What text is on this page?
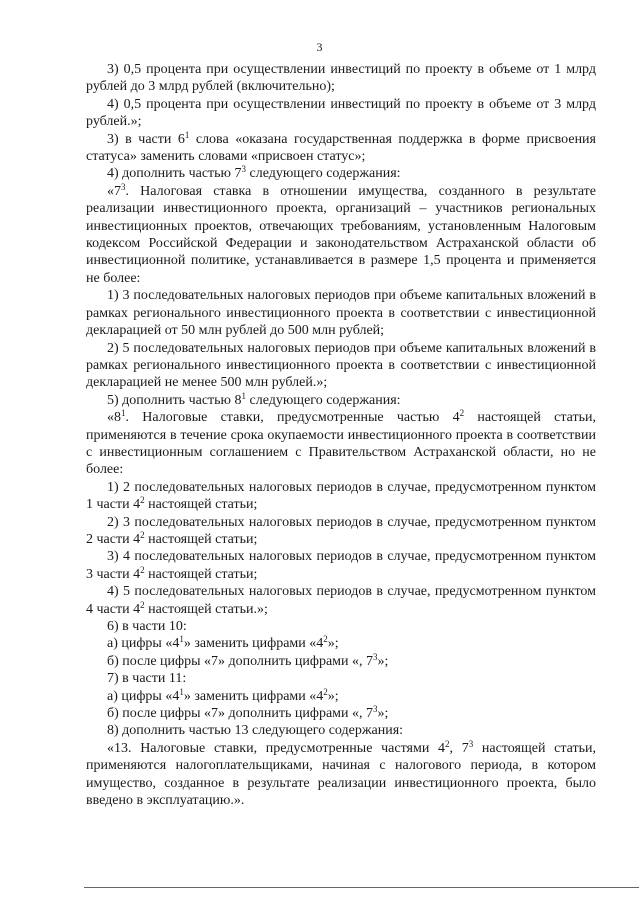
3

3) 0,5 процента при осуществлении инвестиций по проекту в объеме от 1 млрд рублей до 3 млрд рублей (включительно);

4) 0,5 процента при осуществлении инвестиций по проекту в объеме от 3 млрд рублей.»;

3) в части $6^1$ слова «оказана государственная поддержка в форме присвоения статуса» заменить словами «присвоен статус»;

4) дополнить частью $7^3$ следующего содержания:

«$7^3$. Налоговая ставка в отношении имущества, созданного в результате реализации инвестиционного проекта, организаций – участников региональных инвестиционных проектов, отвечающих требованиям, установленным Налоговым кодексом Российской Федерации и законодательством Астраханской области об инвестиционной политике, устанавливается в размере 1,5 процента и применяется не более:

1) 3 последовательных налоговых периодов при объеме капитальных вложений в рамках регионального инвестиционного проекта в соответствии с инвестиционной декларацией от 50 млн рублей до 500 млн рублей;

2) 5 последовательных налоговых периодов при объеме капитальных вложений в рамках регионального инвестиционного проекта в соответствии с инвестиционной декларацией не менее 500 млн рублей.»;

5) дополнить частью $8^1$ следующего содержания:

«$8^1$. Налоговые ставки, предусмотренные частью $4^2$ настоящей статьи, применяются в течение срока окупаемости инвестиционного проекта в соответствии с инвестиционным соглашением с Правительством Астраханской области, но не более:

1) 2 последовательных налоговых периодов в случае, предусмотренном пунктом 1 части $4^2$ настоящей статьи;

2) 3 последовательных налоговых периодов в случае, предусмотренном пунктом 2 части $4^2$ настоящей статьи;

3) 4 последовательных налоговых периодов в случае, предусмотренном пунктом 3 части $4^2$ настоящей статьи;

4) 5 последовательных налоговых периодов в случае, предусмотренном пунктом 4 части $4^2$ настоящей статьи.»;

6) в части 10:

а) цифры «$4^1$» заменить цифрами «$4^2$»;

б) после цифры «7» дополнить цифрами «, $7^3$»;

7) в части 11:

а) цифры «$4^1$» заменить цифрами «$4^2$»;

б) после цифры «7» дополнить цифрами «, $7^3$»;

8) дополнить частью 13 следующего содержания:

«13. Налоговые ставки, предусмотренные частями $4^2$, $7^3$ настоящей статьи, применяются налогоплательщиками, начиная с налогового периода, в котором имущество, созданное в результате реализации инвестиционного проекта, было введено в эксплуатацию.».
